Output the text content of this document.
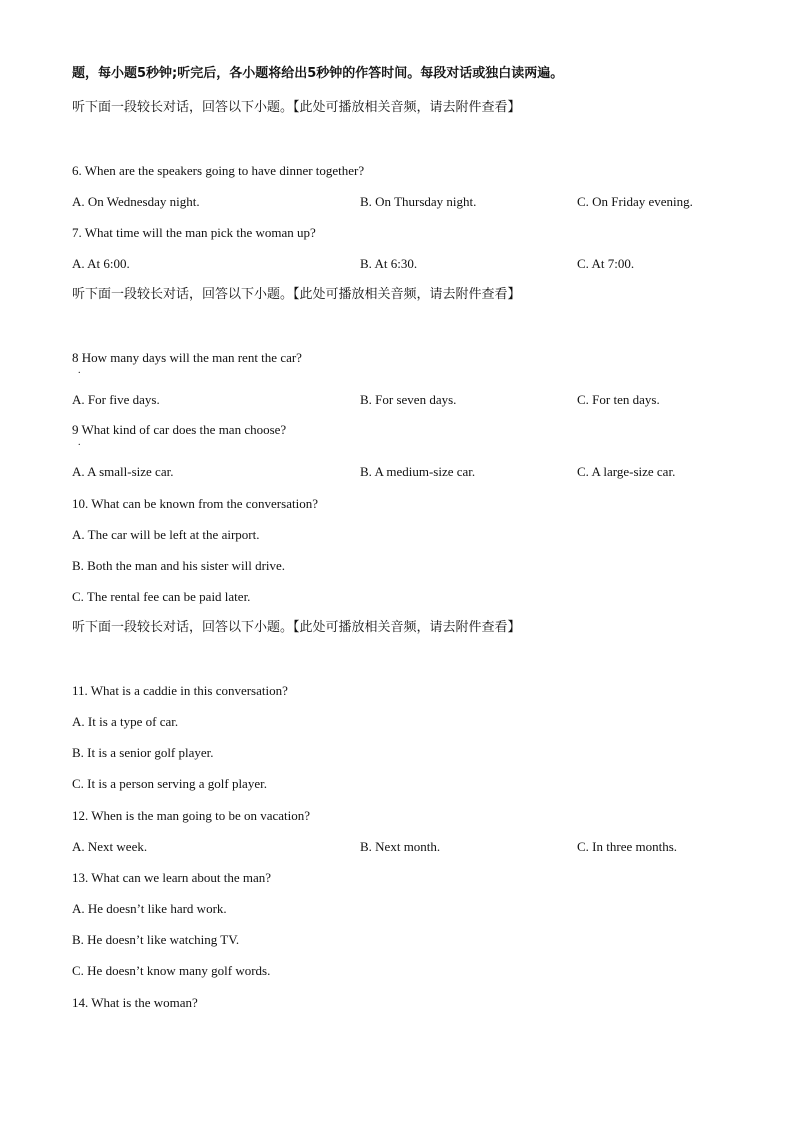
题，每小题5秒钟;听完后，各小题将给出5秒钟的作答时间。每段对话或独白读两遍。
听下面一段较长对话，回答以下小题。【此处可播放相关音频，请去附件查看】
6. When are the speakers going to have dinner together?
A. On Wednesday night.	B. On Thursday night.	C. On Friday evening.
7. What time will the man pick the woman up?
A. At 6:00.	B. At 6:30.	C. At 7:00.
听下面一段较长对话，回答以下小题。【此处可播放相关音频，请去附件查看】
8 How many days will the man rent the car?
.
A. For five days.	B. For seven days.	C. For ten days.
9 What kind of car does the man choose?
.
A. A small-size car.	B. A medium-size car.	C. A large-size car.
10. What can be known from the conversation?
A. The car will be left at the airport.
B. Both the man and his sister will drive.
C. The rental fee can be paid later.
听下面一段较长对话，回答以下小题。【此处可播放相关音频，请去附件查看】
11. What is a caddie in this conversation?
A. It is a type of car.
B. It is a senior golf player.
C. It is a person serving a golf player.
12. When is the man going to be on vacation?
A. Next week.	B. Next month.	C. In three months.
13. What can we learn about the man?
A. He doesn’t like hard work.
B. He doesn’t like watching TV.
C. He doesn’t know many golf words.
14. What is the woman?
